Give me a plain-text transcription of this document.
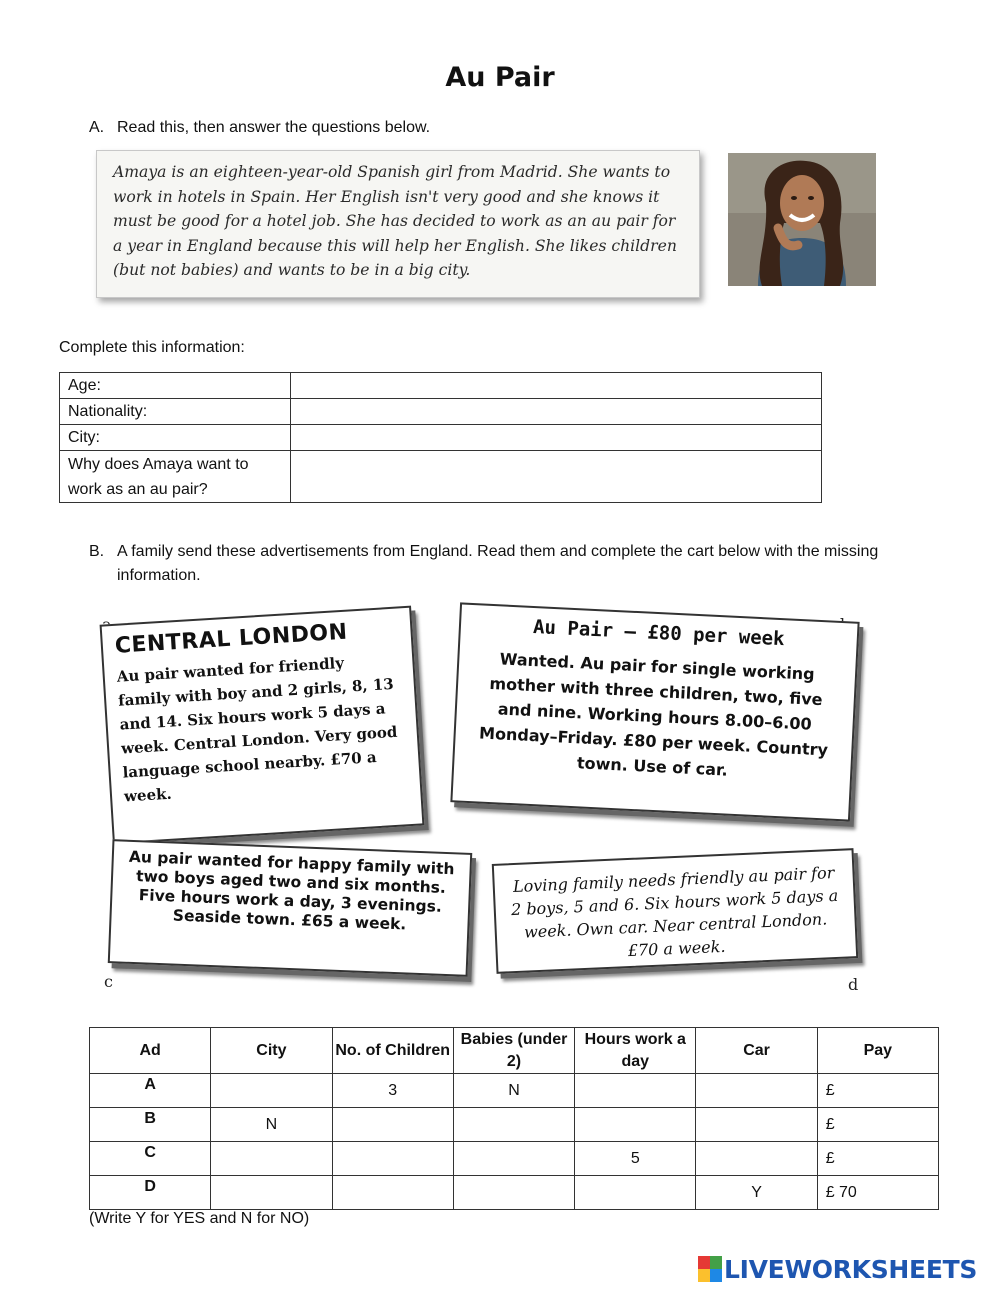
Au Pair
A. Read this, then answer the questions below.
Amaya is an eighteen-year-old Spanish girl from Madrid. She wants to work in hotels in Spain. Her English isn't very good and she knows it must be good for a hotel job. She has decided to work as an au pair for a year in England because this will help her English. She likes children (but not babies) and wants to be in a big city.
Complete this information:
Age:	
Nationality:	
City:	
Why does Amaya want to work as an au pair?	
B. A family send these advertisements from England. Read them and complete the cart below with the missing information.
c	d
CENTRAL LONDON
Au pair wanted for friendly family with boy and 2 girls, 8, 13 and 14. Six hours work 5 days a week. Central London. Very good language school nearby. £70 a week.
Au Pair – £80 per week
Wanted. Au pair for single working mother with three children, two, five and nine. Working hours 8.00–6.00 Monday–Friday. £80 per week. Country town. Use of car.
Au pair wanted for happy family with two boys aged two and six months. Five hours work a day, 3 evenings. Seaside town. £65 a week.
Loving family needs friendly au pair for 2 boys, 5 and 6. Six hours work 5 days a week. Own car. Near central London. £70 a week.
Ad	City	No. of Children	Babies (under 2)	Hours work a day	Car	Pay
A		3	N			£
B	N					£
C				5		£
D					Y	£ 70
(Write Y for YES and N for NO)
LIVEWORKSHEETS
